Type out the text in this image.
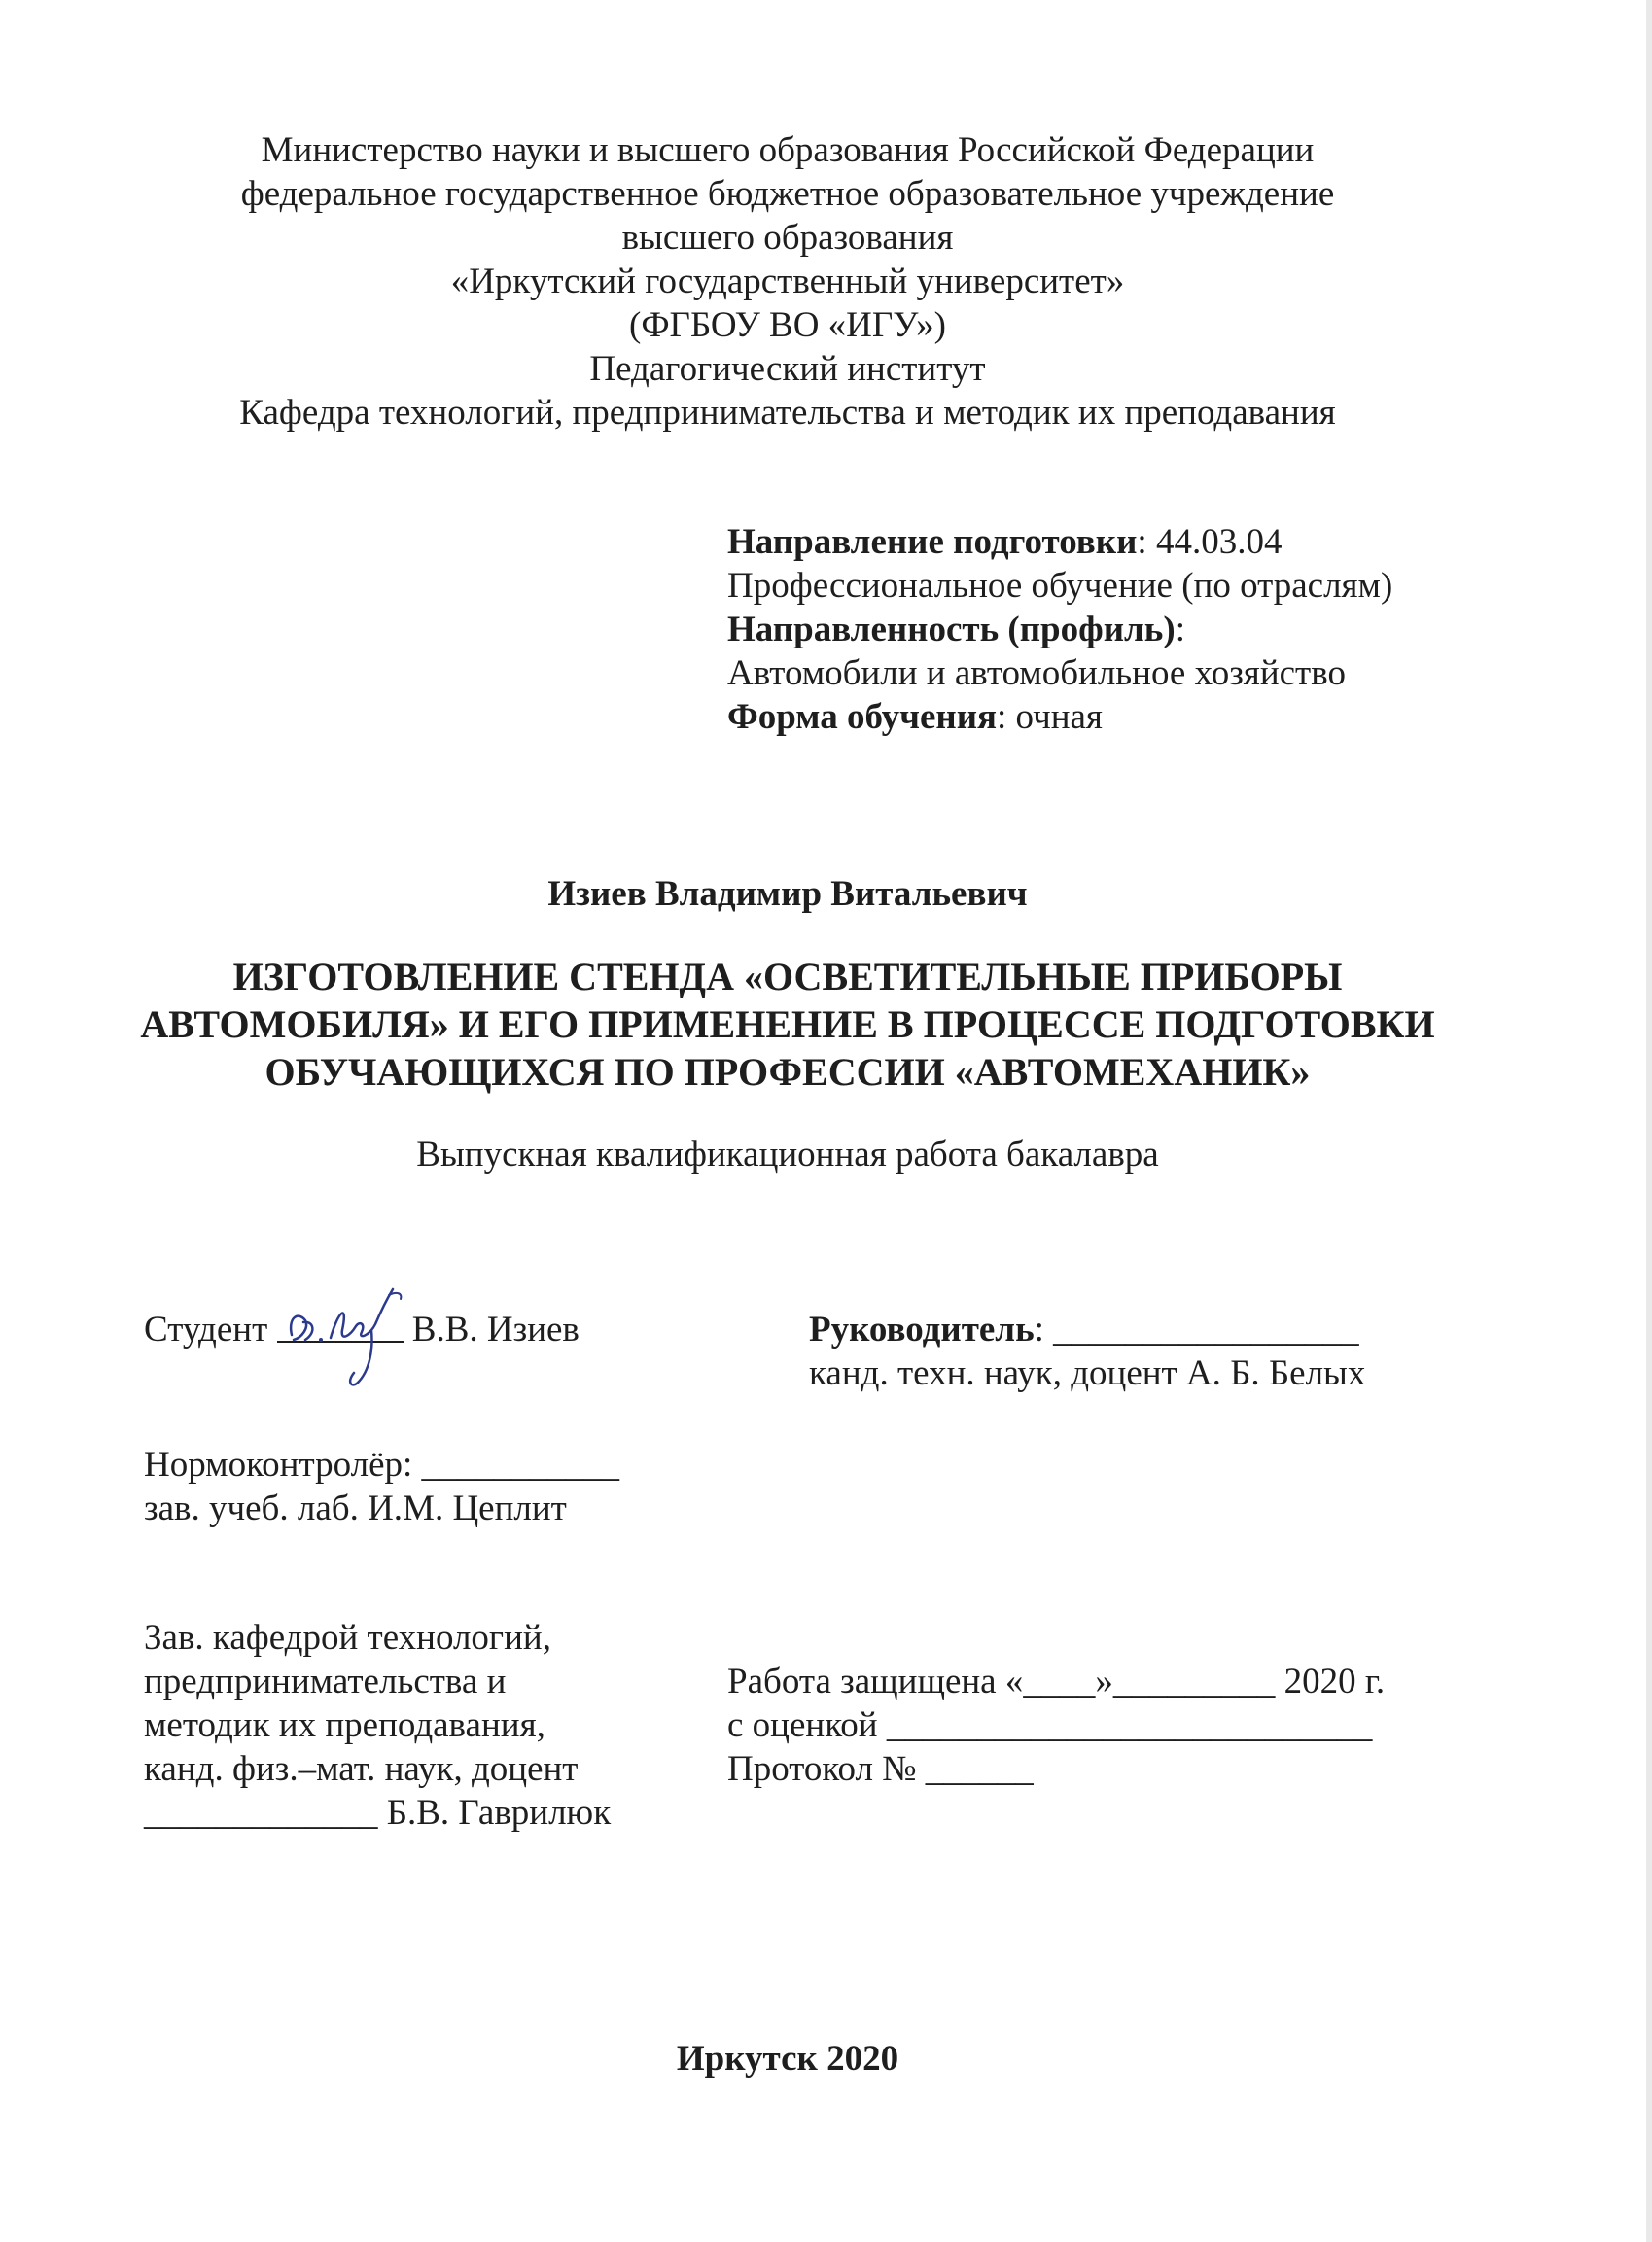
Министерство науки и высшего образования Российской Федерации
федеральное государственное бюджетное образовательное учреждение
высшего образования
«Иркутский государственный университет»
(ФГБОУ ВО «ИГУ»)
Педагогический институт
Кафедра технологий, предпринимательства и методик их преподавания
Направление подготовки: 44.03.04
Профессиональное обучение (по отраслям)
Направленность (профиль):
Автомобили и автомобильное хозяйство
Форма обучения: очная
Изиев Владимир Витальевич
ИЗГОТОВЛЕНИЕ СТЕНДА «ОСВЕТИТЕЛЬНЫЕ ПРИБОРЫ
АВТОМОБИЛЯ» И ЕГО ПРИМЕНЕНИЕ В ПРОЦЕССЕ ПОДГОТОВКИ
ОБУЧАЮЩИХСЯ ПО ПРОФЕССИИ «АВТОМЕХАНИК»
Выпускная квалификационная работа бакалавра
Студент	В.В. Изиев	Руководитель: _________________
канд. техн. наук, доцент А. Б. Белых
Нормоконтролёр: ___________
зав. учеб. лаб. И.М. Цеплит
Зав. кафедрой технологий,
предпринимательства и
методик их преподавания,
канд. физ.–мат. наук, доцент
_____________ Б.В. Гаврилюк
Работа защищена «____»_________ 2020 г.
с оценкой ___________________________
Протокол № ______
Иркутск 2020
